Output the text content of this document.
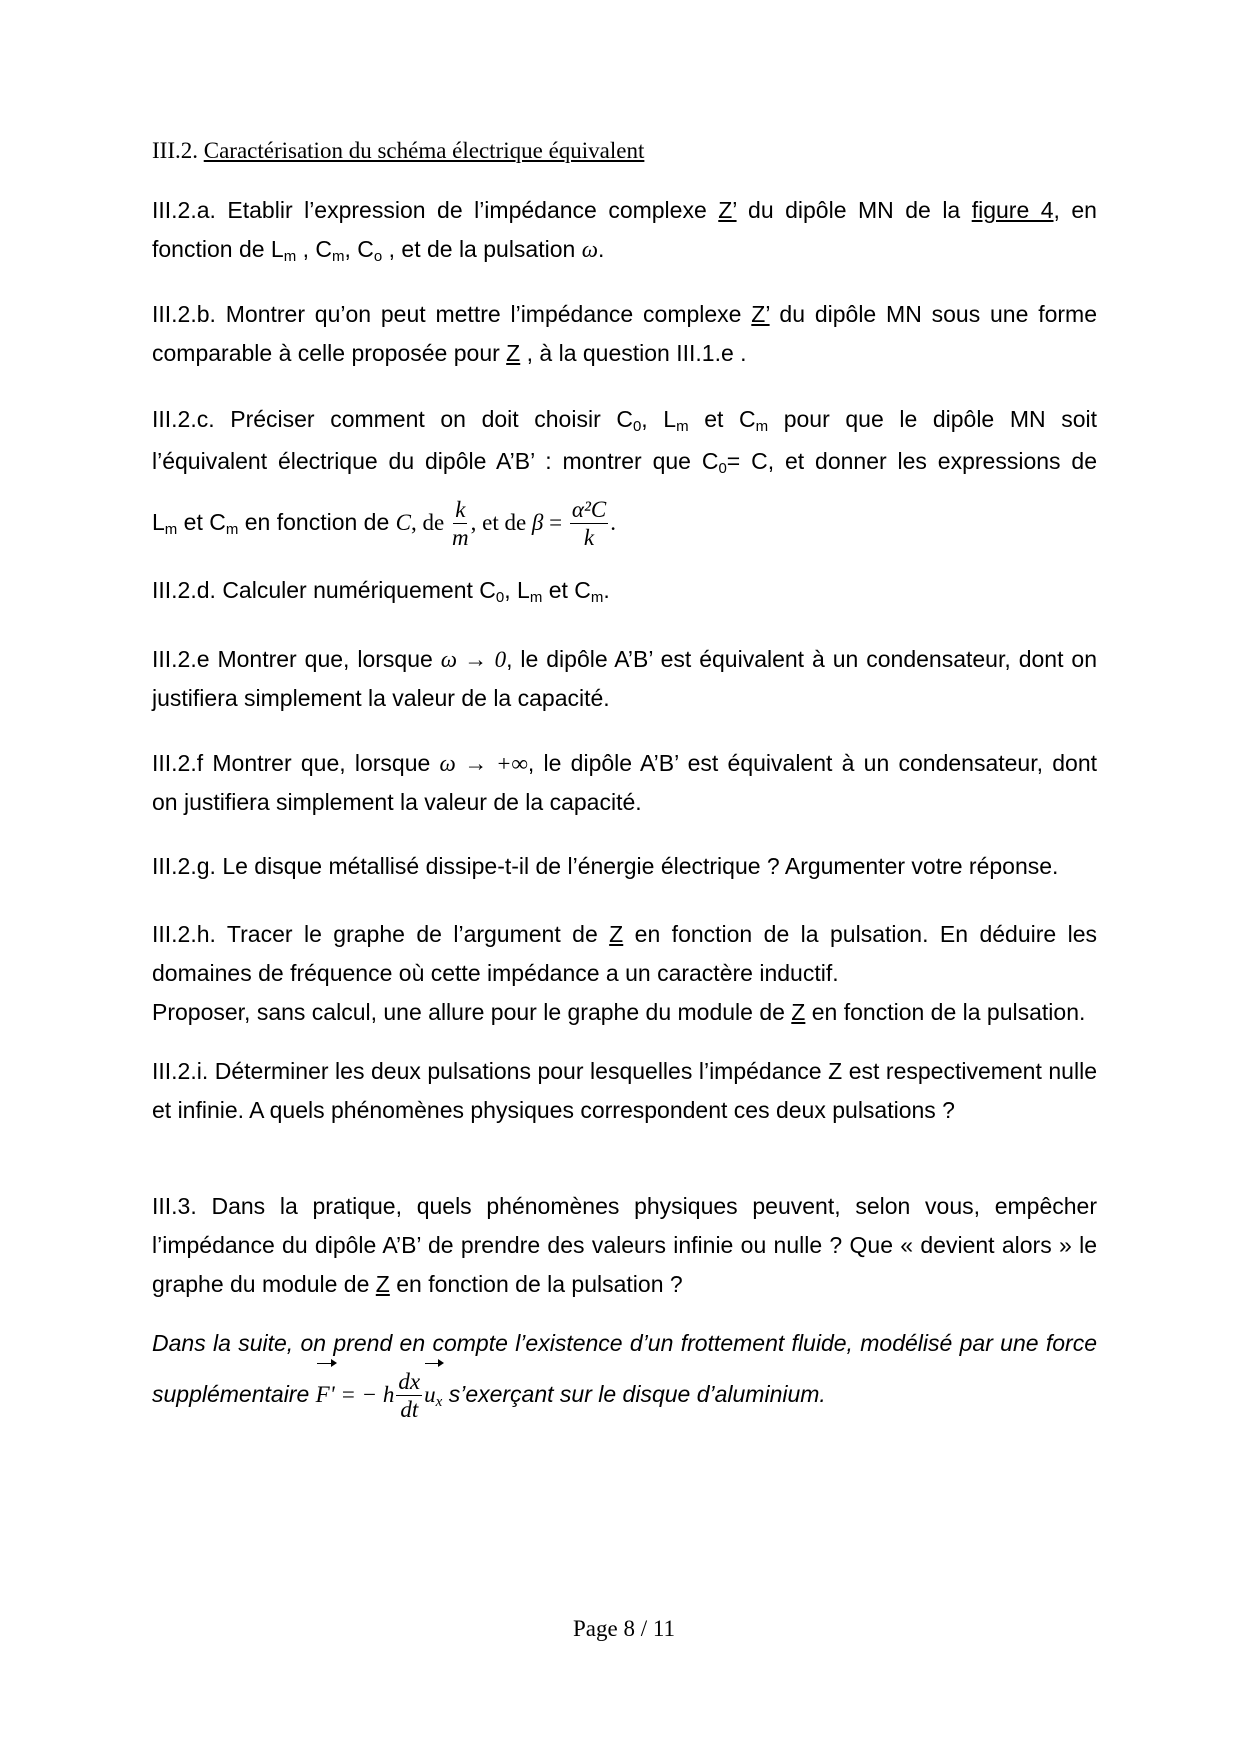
III.2. Caractérisation du schéma électrique équivalent
III.2.a. Etablir l’expression de l’impédance complexe Z’ du dipôle MN de la figure 4, en
fonction de $L_m$ , $C_m$, $C_o$ , et de la pulsation ω.
III.2.b. Montrer qu’on peut mettre l’impédance complexe Z’ du dipôle MN sous une forme
comparable à celle proposée pour Z , à la question III.1.e .
III.2.c. Préciser comment on doit choisir $C_0$, $L_m$ et $C_m$ pour que le dipôle MN soit
l’équivalent électrique du dipôle A’B’ : montrer que $C_0= C$, et donner les expressions de
$L_m$ et $C_m$ en fonction de C, de $\frac{k}{m}$ , et de $\beta = \frac{\text{α²C}}{k}$ .
III.2.d. Calculer numériquement $C_0$, $L_m$ et $C_m$.
III.2.e Montrer que, lorsque ω → 0, le dipôle A’B’ est équivalent à un condensateur, dont on
justifiera simplement la valeur de la capacité.
III.2.f Montrer que, lorsque ω → +∞, le dipôle A’B’ est équivalent à un condensateur, dont
on justifiera simplement la valeur de la capacité.
III.2.g. Le disque métallisé dissipe-t-il de l’énergie électrique ? Argumenter votre réponse.
III.2.h. Tracer le graphe de l’argument de Z en fonction de la pulsation. En déduire les
domaines de fréquence où cette impédance a un caractère inductif.
Proposer, sans calcul, une allure pour le graphe du module de Z en fonction de la pulsation.
III.2.i. Déterminer les deux pulsations pour lesquelles l’impédance Z est respectivement nulle
et infinie. A quels phénomènes physiques correspondent ces deux pulsations ?
III.3. Dans la pratique, quels phénomènes physiques peuvent, selon vous, empêcher
l’impédance du dipôle A’B’ de prendre des valeurs infinie ou nulle ? Que « devient alors » le
graphe du module de Z en fonction de la pulsation ?
Dans la suite, on prend en compte l’existence d’un frottement fluide, modélisé par une force
supplémentaire F' = − h $\frac{dx}{dt} u_x$ s’exerçant sur le disque d’aluminium.
Page 8 / 11
